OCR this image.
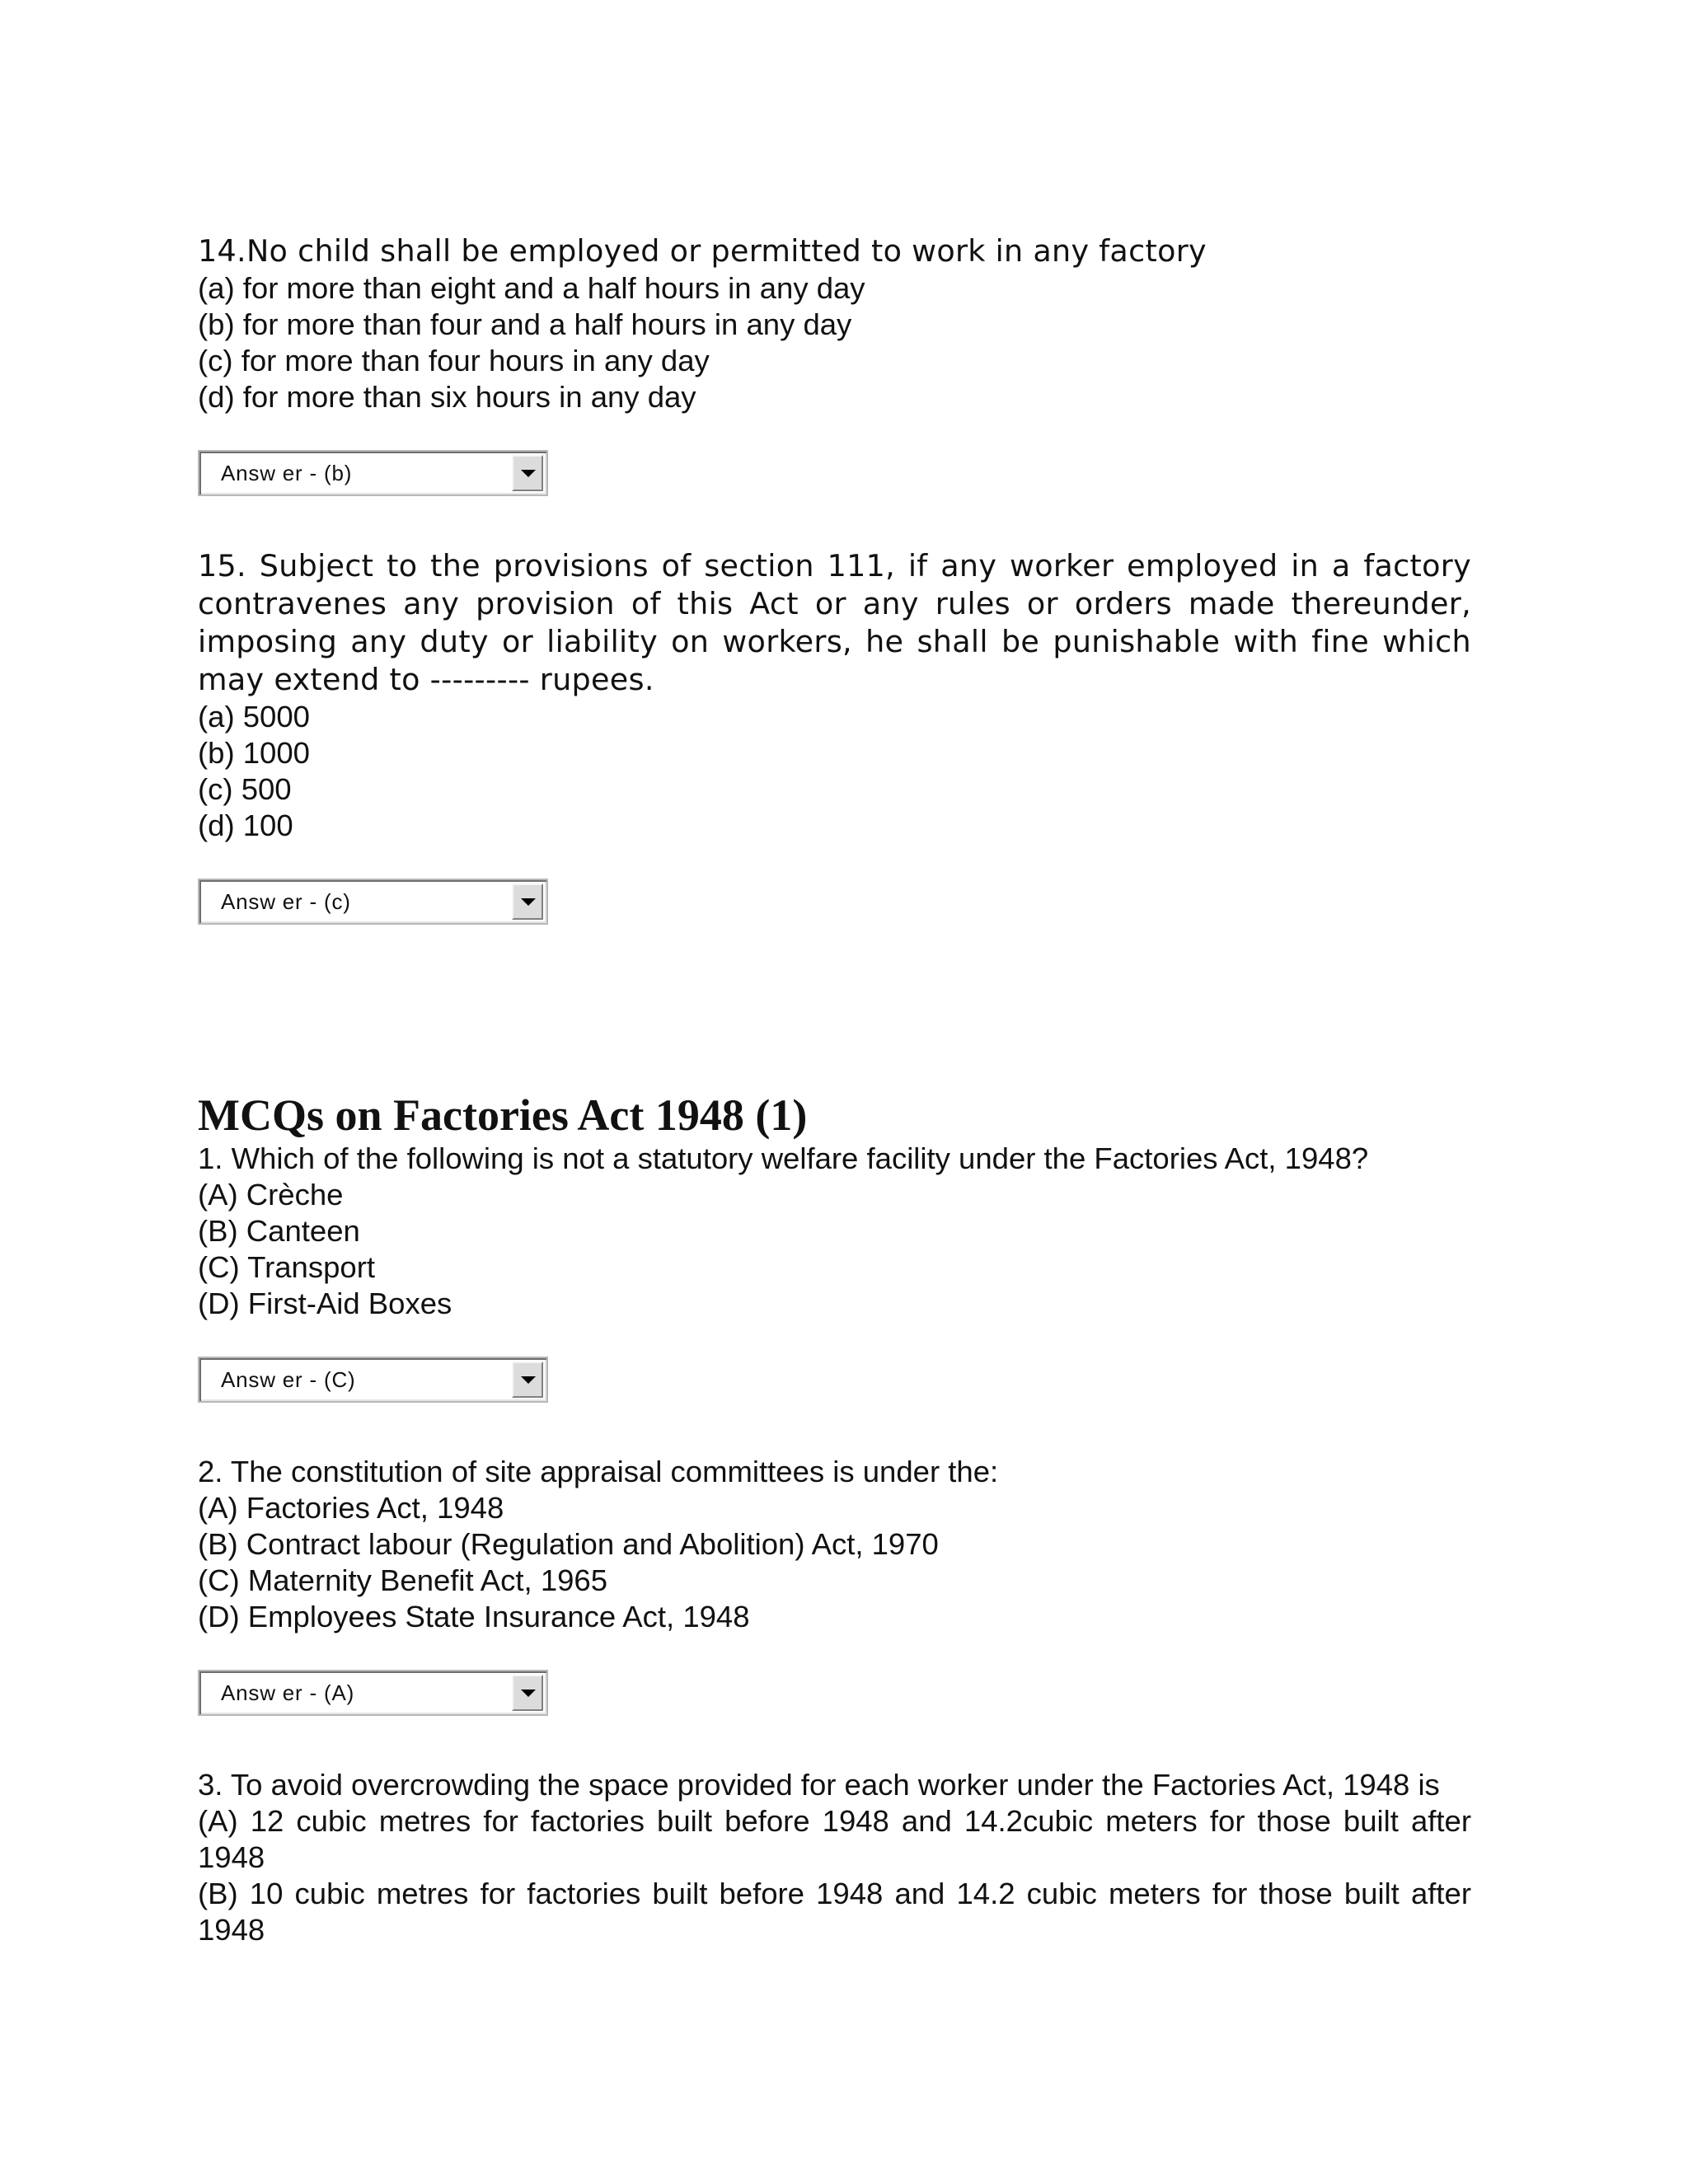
14.No child shall be employed or permitted to work in any factory

(a) for more than eight and a half hours in any day
(b) for more than four and a half hours in any day
(c) for more than four hours in any day
(d) for more than six hours in any day
Answ er - (b)

15. Subject to the provisions of section 111, if any worker employed in a factory contravenes any provision of this Act or any rules or orders made thereunder, imposing any duty or liability on workers, he shall be punishable with fine which may extend to --------- rupees.

(a) 5000
(b) 1000
(c) 500
(d) 100
Answ er - (c)
MCQs on Factories Act 1948 (1)

1. Which of the following is not a statutory welfare facility under the Factories Act, 1948?

(A) Crèche
(B) Canteen
(C) Transport
(D) First-Aid Boxes
Answ er - (C)

2. The constitution of site appraisal committees is under the:

(A) Factories Act, 1948
(B) Contract labour (Regulation and Abolition) Act, 1970
(C) Maternity Benefit Act, 1965
(D) Employees State Insurance Act, 1948
Answ er - (A)

3. To avoid overcrowding the space provided for each worker under the Factories Act, 1948 is

(A) 12 cubic metres for factories built before 1948 and 14.2cubic meters for those built after 1948
(B) 10 cubic metres for factories built before 1948 and 14.2 cubic meters for those built after 1948
